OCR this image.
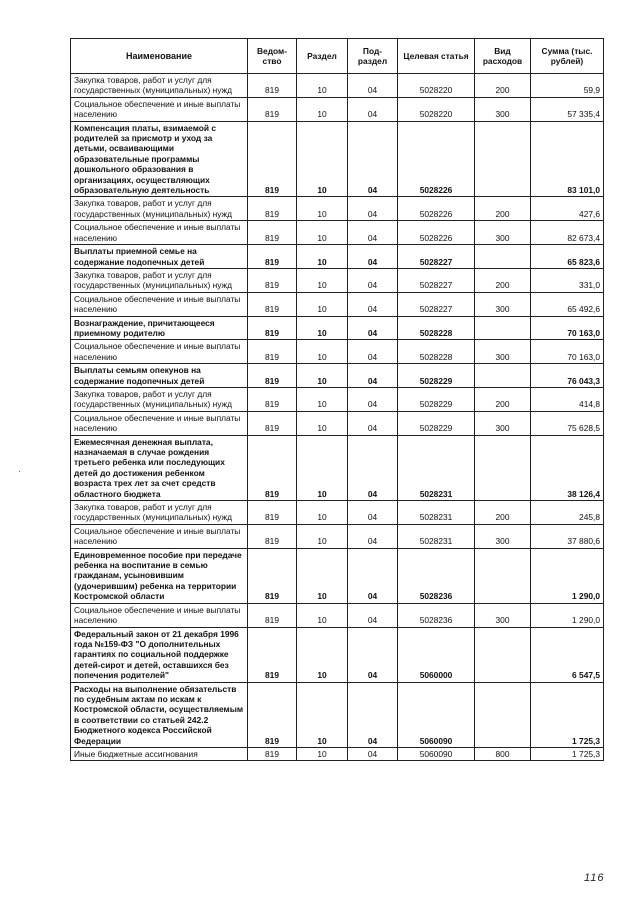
Наименование	Ведом-ство	Раздел	Под-раздел	Целевая статья	Вид расходов	Сумма (тыс. рублей)
Закупка товаров, работ и услуг для государственных (муниципальных) нужд	819	10	04	5028220	200	59,9
Социальное обеспечение и иные выплаты населению	819	10	04	5028220	300	57 335,4
Компенсация платы, взимаемой с родителей за присмотр и уход за детьми, осваивающими образовательные программы дошкольного образования в организациях, осуществляющих образовательную деятельность	819	10	04	5028226		83 101,0
Закупка товаров, работ и услуг для государственных (муниципальных) нужд	819	10	04	5028226	200	427,6
Социальное обеспечение и иные выплаты населению	819	10	04	5028226	300	82 673,4
Выплаты приемной семье на содержание подопечных детей	819	10	04	5028227		65 823,6
Закупка товаров, работ и услуг для государственных (муниципальных) нужд	819	10	04	5028227	200	331,0
Социальное обеспечение и иные выплаты населению	819	10	04	5028227	300	65 492,6
Вознаграждение, причитающееся приемному родителю	819	10	04	5028228		70 163,0
Социальное обеспечение и иные выплаты населению	819	10	04	5028228	300	70 163,0
Выплаты семьям опекунов на содержание подопечных детей	819	10	04	5028229		76 043,3
Закупка товаров, работ и услуг для государственных (муниципальных) нужд	819	10	04	5028229	200	414,8
Социальное обеспечение и иные выплаты населению	819	10	04	5028229	300	75 628,5
Ежемесячная денежная выплата, назначаемая в случае рождения третьего ребенка или последующих детей до достижения ребенком возраста трех лет за счет средств областного бюджета	819	10	04	5028231		38 126,4
Закупка товаров, работ и услуг для государственных (муниципальных) нужд	819	10	04	5028231	200	245,8
Социальное обеспечение и иные выплаты населению	819	10	04	5028231	300	37 880,6
Единовременное пособие при передаче ребенка на воспитание в семью гражданам, усыновившим (удочерившим) ребенка на территории Костромской области	819	10	04	5028236		1 290,0
Социальное обеспечение и иные выплаты населению	819	10	04	5028236	300	1 290,0
Федеральный закон от 21 декабря 1996 года №159-ФЗ "О дополнительных гарантиях по социальной поддержке детей-сирот и детей, оставшихся без попечения родителей"	819	10	04	5060000		6 547,5
Расходы на выполнение обязательств по судебным актам по искам к Костромской области, осуществляемым в соответствии со статьей 242.2 Бюджетного кодекса Российской Федерации	819	10	04	5060090		1 725,3
Иные бюджетные ассигнования	819	10	04	5060090	800	1 725,3
·
116
